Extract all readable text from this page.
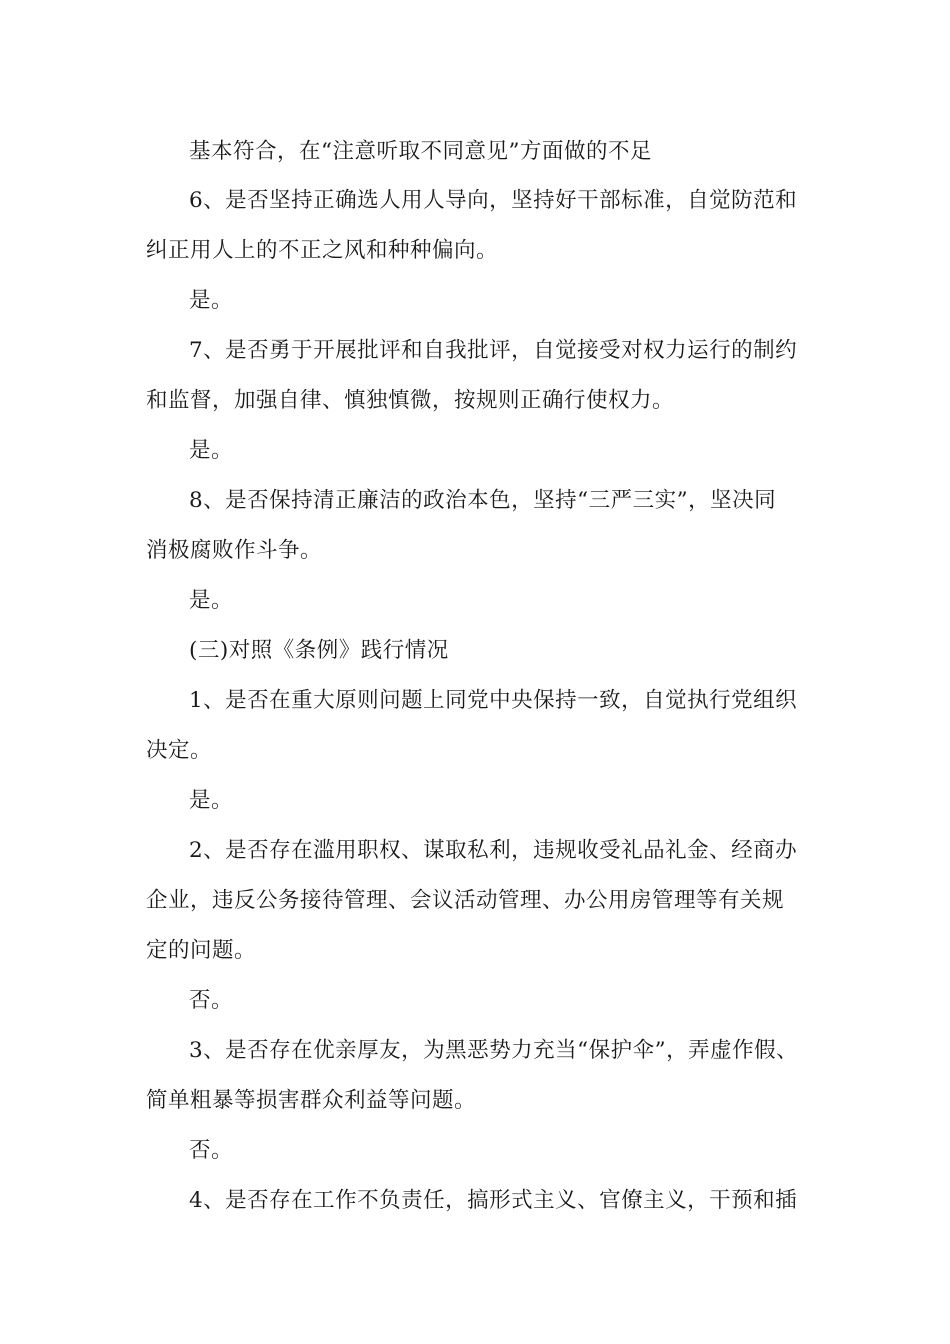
基本符合，在“注意听取不同意见”方面做的不足
6、是否坚持正确选人用人导向，坚持好干部标准，自觉防范和
纠正用人上的不正之风和种种偏向。
是。
7、是否勇于开展批评和自我批评，自觉接受对权力运行的制约
和监督，加强自律、慎独慎微，按规则正确行使权力。
是。
8、是否保持清正廉洁的政治本色，坚持“三严三实”，坚决同
消极腐败作斗争。
是。
(三)对照《条例》践行情况
1、是否在重大原则问题上同党中央保持一致，自觉执行党组织
决定。
是。
2、是否存在滥用职权、谋取私利，违规收受礼品礼金、经商办
企业，违反公务接待管理、会议活动管理、办公用房管理等有关规
定的问题。
否。
3、是否存在优亲厚友，为黑恶势力充当“保护伞”，弄虚作假、
简单粗暴等损害群众利益等问题。
否。
4、是否存在工作不负责任，搞形式主义、官僚主义，干预和插
